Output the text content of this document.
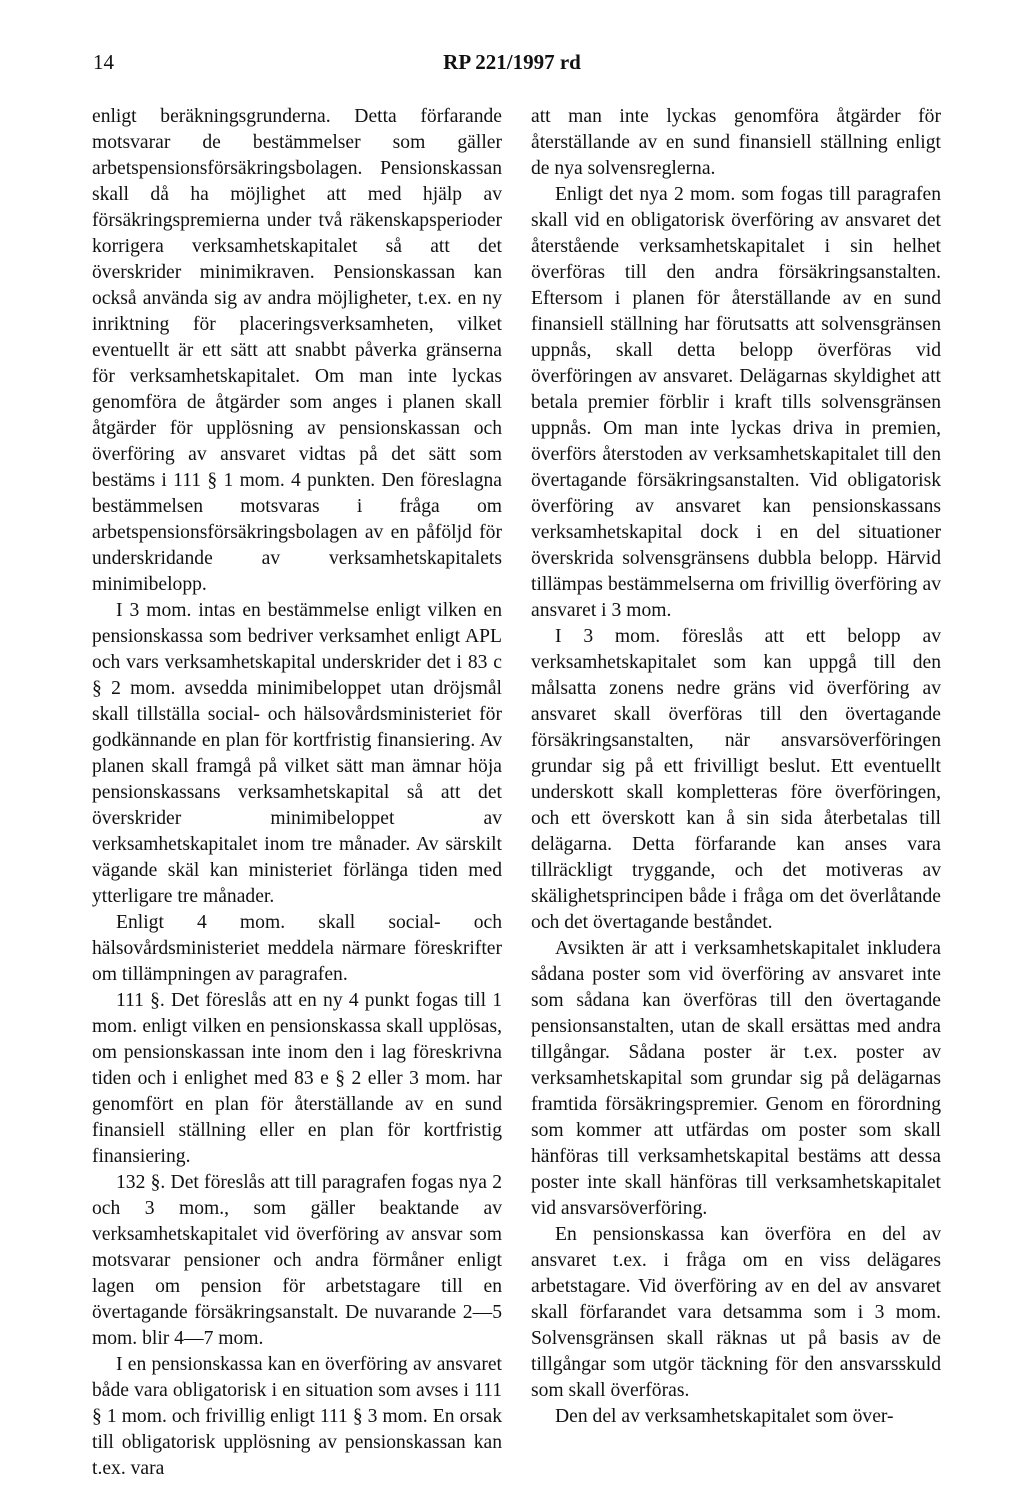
14	RP 221/1997 rd

enligt beräkningsgrunderna. Detta förfarande motsvarar de bestämmelser som gäller arbetspensionsförsäkringsbolagen. Pensionskassan skall då ha möjlighet att med hjälp av försäkringspremierna under två räkenskapsperioder korrigera verksamhetskapitalet så att det överskrider minimikraven. Pensionskassan kan också använda sig av andra möjligheter, t.ex. en ny inriktning för placeringsverksamheten, vilket eventuellt är ett sätt att snabbt påverka gränserna för verksamhetskapitalet. Om man inte lyckas genomföra de åtgärder som anges i planen skall åtgärder för upplösning av pensionskassan och överföring av ansvaret vidtas på det sätt som bestäms i 111 § 1 mom. 4 punkten. Den föreslagna bestämmelsen motsvaras i fråga om arbetspensionsförsäkringsbolagen av en påföljd för underskridande av verksamhetskapitalets minimibelopp.

I 3 mom. intas en bestämmelse enligt vilken en pensionskassa som bedriver verksamhet enligt APL och vars verksamhetskapital underskrider det i 83 c § 2 mom. avsedda minimibeloppet utan dröjsmål skall tillställa social- och hälsovårdsministeriet för godkännande en plan för kortfristig finansiering. Av planen skall framgå på vilket sätt man ämnar höja pensionskassans verksamhetskapital så att det överskrider minimibeloppet av verksamhetskapitalet inom tre månader. Av särskilt vägande skäl kan ministeriet förlänga tiden med ytterligare tre månader.

Enligt 4 mom. skall social- och hälsovårdsministeriet meddela närmare föreskrifter om tillämpningen av paragrafen.

111 §. Det föreslås att en ny 4 punkt fogas till 1 mom. enligt vilken en pensionskassa skall upplösas, om pensionskassan inte inom den i lag föreskrivna tiden och i enlighet med 83 e § 2 eller 3 mom. har genomfört en plan för återställande av en sund finansiell ställning eller en plan för kortfristig finansiering.

132 §. Det föreslås att till paragrafen fogas nya 2 och 3 mom., som gäller beaktande av verksamhetskapitalet vid överföring av ansvar som motsvarar pensioner och andra förmåner enligt lagen om pension för arbetstagare till en övertagande försäkringsanstalt. De nuvarande 2—5 mom. blir 4—7 mom.

I en pensionskassa kan en överföring av ansvaret både vara obligatorisk i en situation som avses i 111 § 1 mom. och frivillig enligt 111 § 3 mom. En orsak till obligatorisk upplösning av pensionskassan kan t.ex. vara

att man inte lyckas genomföra åtgärder för återställande av en sund finansiell ställning enligt de nya solvensreglerna.

Enligt det nya 2 mom. som fogas till paragrafen skall vid en obligatorisk överföring av ansvaret det återstående verksamhetskapitalet i sin helhet överföras till den andra försäkringsanstalten. Eftersom i planen för återställande av en sund finansiell ställning har förutsatts att solvensgränsen uppnås, skall detta belopp överföras vid överföringen av ansvaret. Delägarnas skyldighet att betala premier förblir i kraft tills solvensgränsen uppnås. Om man inte lyckas driva in premien, överförs återstoden av verksamhetskapitalet till den övertagande försäkringsanstalten. Vid obligatorisk överföring av ansvaret kan pensionskassans verksamhetskapital dock i en del situationer överskrida solvensgränsens dubbla belopp. Härvid tillämpas bestämmelserna om frivillig överföring av ansvaret i 3 mom.

I 3 mom. föreslås att ett belopp av verksamhetskapitalet som kan uppgå till den målsatta zonens nedre gräns vid överföring av ansvaret skall överföras till den övertagande försäkringsanstalten, när ansvarsöverföringen grundar sig på ett frivilligt beslut. Ett eventuellt underskott skall kompletteras före överföringen, och ett överskott kan å sin sida återbetalas till delägarna. Detta förfarande kan anses vara tillräckligt tryggande, och det motiveras av skälighetsprincipen både i fråga om det överlåtande och det övertagande beståndet.

Avsikten är att i verksamhetskapitalet inkludera sådana poster som vid överföring av ansvaret inte som sådana kan överföras till den övertagande pensionsanstalten, utan de skall ersättas med andra tillgångar. Sådana poster är t.ex. poster av verksamhetskapital som grundar sig på delägarnas framtida försäkringspremier. Genom en förordning som kommer att utfärdas om poster som skall hänföras till verksamhetskapital bestäms att dessa poster inte skall hänföras till verksamhetskapitalet vid ansvarsöverföring.

En pensionskassa kan överföra en del av ansvaret t.ex. i fråga om en viss delägares arbetstagare. Vid överföring av en del av ansvaret skall förfarandet vara detsamma som i 3 mom. Solvensgränsen skall räknas ut på basis av de tillgångar som utgör täckning för den ansvarsskuld som skall överföras.

Den del av verksamhetskapitalet som över-
